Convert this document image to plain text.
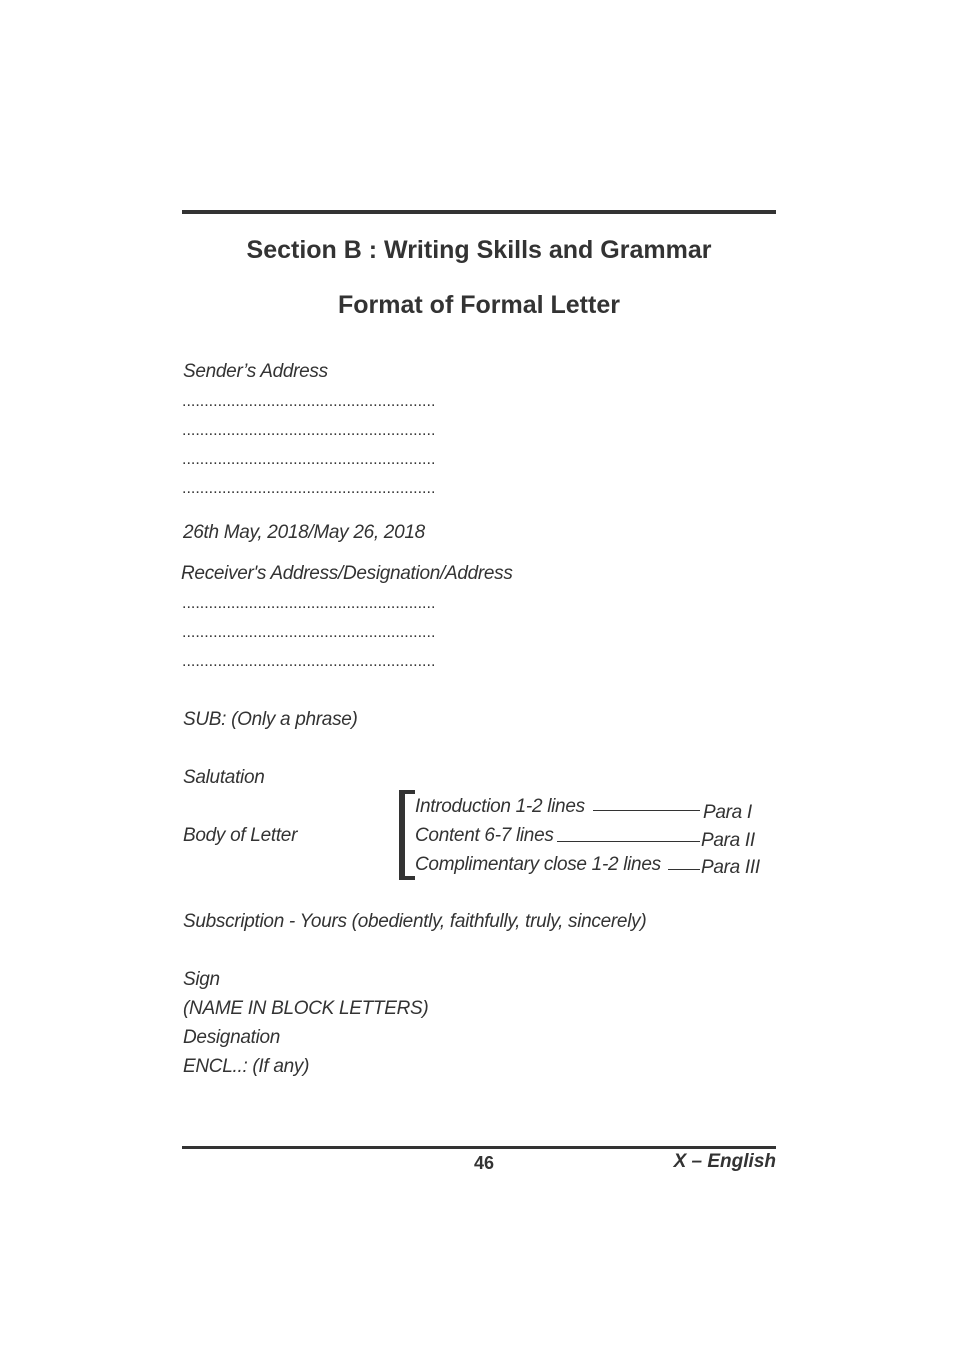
Section B : Writing Skills and Grammar
Format of Formal Letter
Sender’s Address
.........................................................
.........................................................
.........................................................
.........................................................
26th May, 2018/May 26, 2018
Receiver's Address/Designation/Address
.........................................................
.........................................................
.........................................................
SUB: (Only a phrase)
Salutation
Body of Letter
Introduction 1-2 lines	Para I
Content 6-7 lines	Para II
Complimentary close 1-2 lines Para III
Subscription - Yours (obediently, faithfully, truly, sincerely)
Sign
(NAME IN BLOCK LETTERS)
Designation
ENCL..: (If any)
46	X – English
